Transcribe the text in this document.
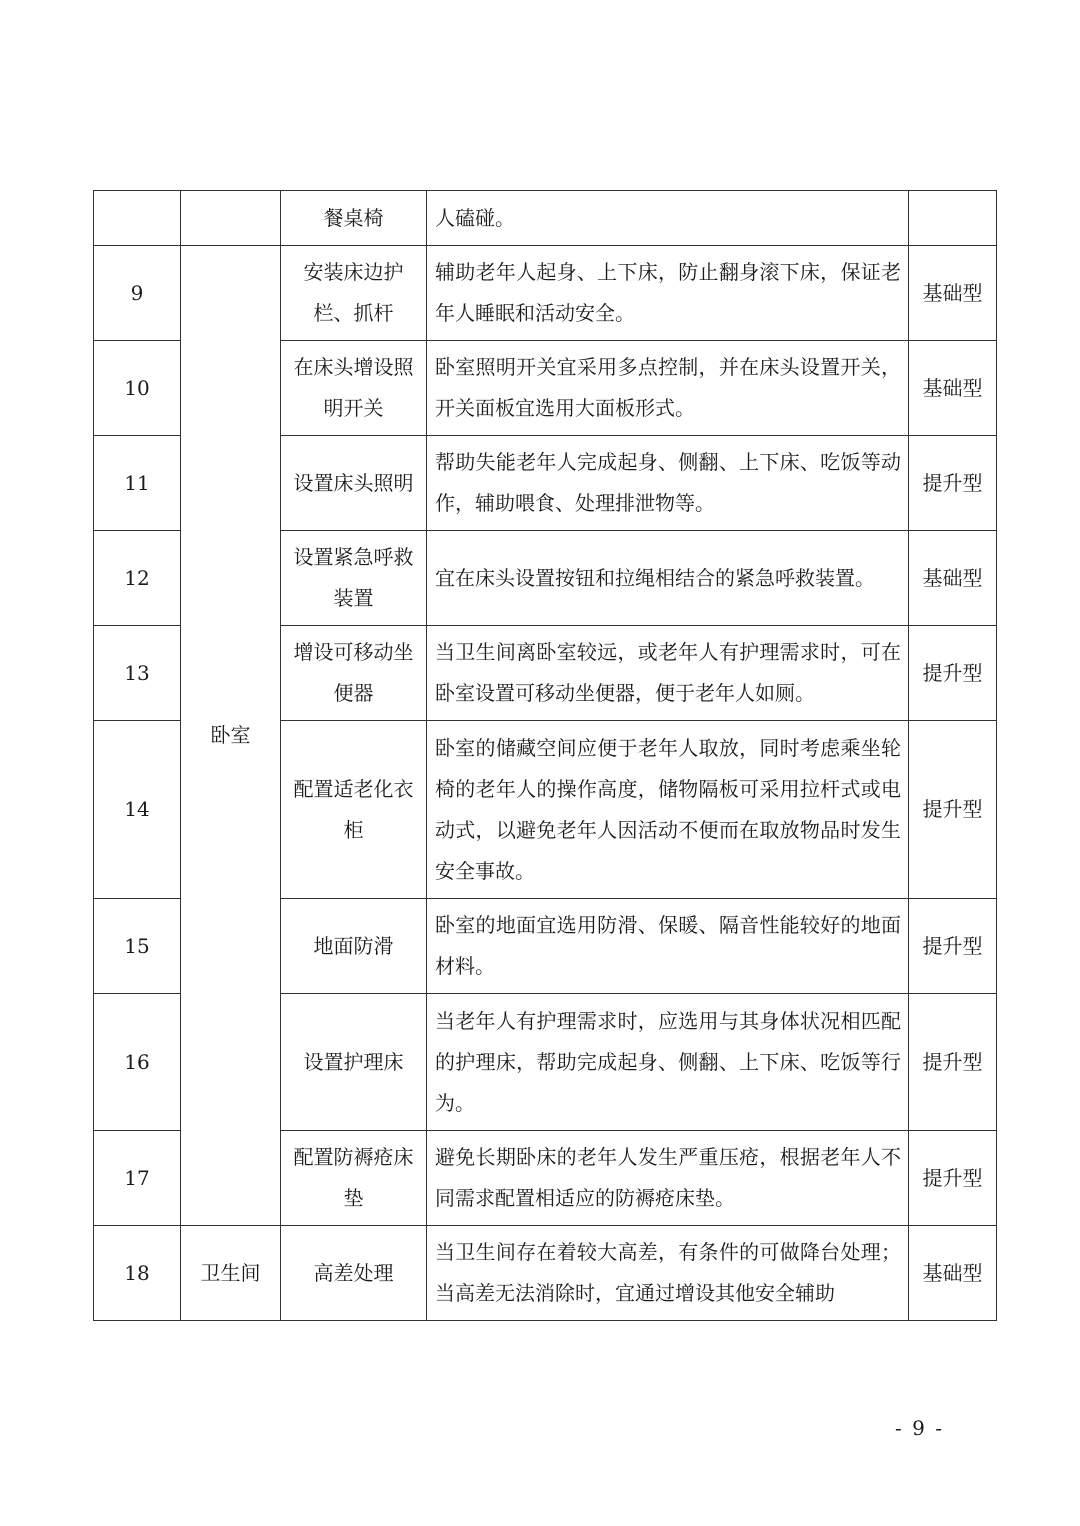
		餐桌椅	人磕碰。	
9	卧室	安装床边护栏、抓杆	辅助老年人起身、上下床，防止翻身滚下床，保证老年人睡眠和活动安全。	基础型
10		在床头增设照明开关	卧室照明开关宜采用多点控制，并在床头设置开关，开关面板宜选用大面板形式。	基础型
11		设置床头照明	帮助失能老年人完成起身、侧翻、上下床、吃饭等动作，辅助喂食、处理排泄物等。	提升型
12		设置紧急呼救装置	宜在床头设置按钮和拉绳相结合的紧急呼救装置。	基础型
13		增设可移动坐便器	当卫生间离卧室较远，或老年人有护理需求时，可在卧室设置可移动坐便器，便于老年人如厕。	提升型
14		配置适老化衣柜	卧室的储藏空间应便于老年人取放，同时考虑乘坐轮椅的老年人的操作高度，储物隔板可采用拉杆式或电动式，以避免老年人因活动不便而在取放物品时发生安全事故。	提升型
15		地面防滑	卧室的地面宜选用防滑、保暖、隔音性能较好的地面材料。	提升型
16		设置护理床	当老年人有护理需求时，应选用与其身体状况相匹配的护理床，帮助完成起身、侧翻、上下床、吃饭等行为。	提升型
17		配置防褥疮床垫	避免长期卧床的老年人发生严重压疮，根据老年人不同需求配置相适应的防褥疮床垫。	提升型
18	卫生间	高差处理	当卫生间存在着较大高差，有条件的可做降台处理；当高差无法消除时，宜通过增设其他安全辅助	基础型
- 9 -
